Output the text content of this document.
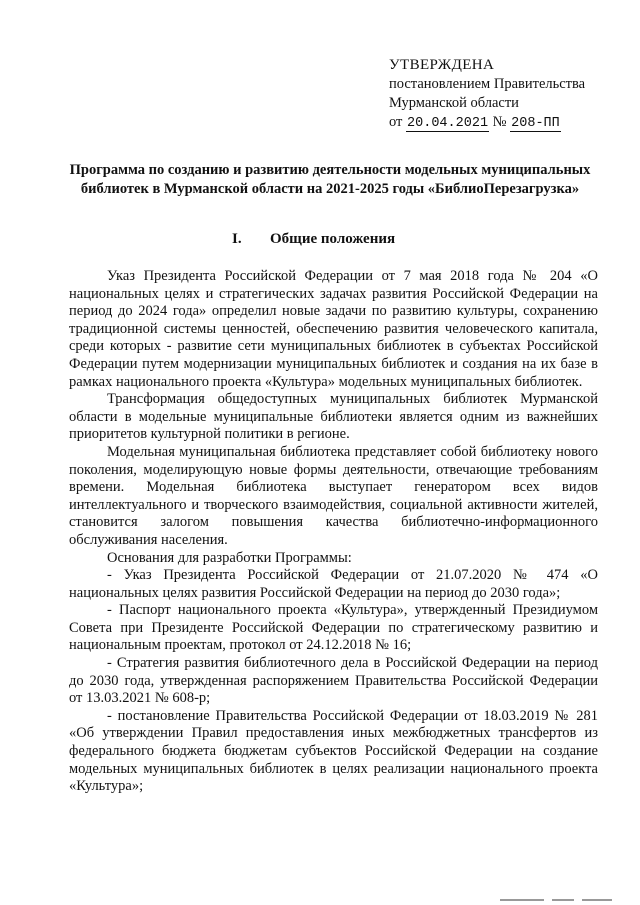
УТВЕРЖДЕНА
постановлением Правительства
Мурманской области
от 20.04.2021 № 208-ПП
Программа по созданию и развитию деятельности модельных муниципальных библиотек в Мурманской области на 2021-2025 годы «БиблиоПерезагрузка»
I. Общие положения

Указ Президента Российской Федерации от 7 мая 2018 года № 204 «О национальных целях и стратегических задачах развития Российской Федерации на период до 2024 года» определил новые задачи по развитию культуры, сохранению традиционной системы ценностей, обеспечению развития человеческого капитала, среди которых - развитие сети муниципальных библиотек в субъектах Российской Федерации путем модернизации муниципальных библиотек и создания на их базе в рамках национального проекта «Культура» модельных муниципальных библиотек.

Трансформация общедоступных муниципальных библиотек Мурманской области в модельные муниципальные библиотеки является одним из важнейших приоритетов культурной политики в регионе.

Модельная муниципальная библиотека представляет собой библиотеку нового поколения, моделирующую новые формы деятельности, отвечающие требованиям времени. Модельная библиотека выступает генератором всех видов интеллектуального и творческого взаимодействия, социальной активности жителей, становится залогом повышения качества библиотечно-информационного обслуживания населения.

Основания для разработки Программы:

- Указ Президента Российской Федерации от 21.07.2020 № 474 «О национальных целях развития Российской Федерации на период до 2030 года»;

- Паспорт национального проекта «Культура», утвержденный Президиумом Совета при Президенте Российской Федерации по стратегическому развитию и национальным проектам, протокол от 24.12.2018 № 16;

- Стратегия развития библиотечного дела в Российской Федерации на период до 2030 года, утвержденная распоряжением Правительства Российской Федерации от 13.03.2021 № 608-р;

- постановление Правительства Российской Федерации от 18.03.2019 № 281 «Об утверждении Правил предоставления иных межбюджетных трансфертов из федерального бюджета бюджетам субъектов Российской Федерации на создание модельных муниципальных библиотек в целях реализации национального проекта «Культура»;
